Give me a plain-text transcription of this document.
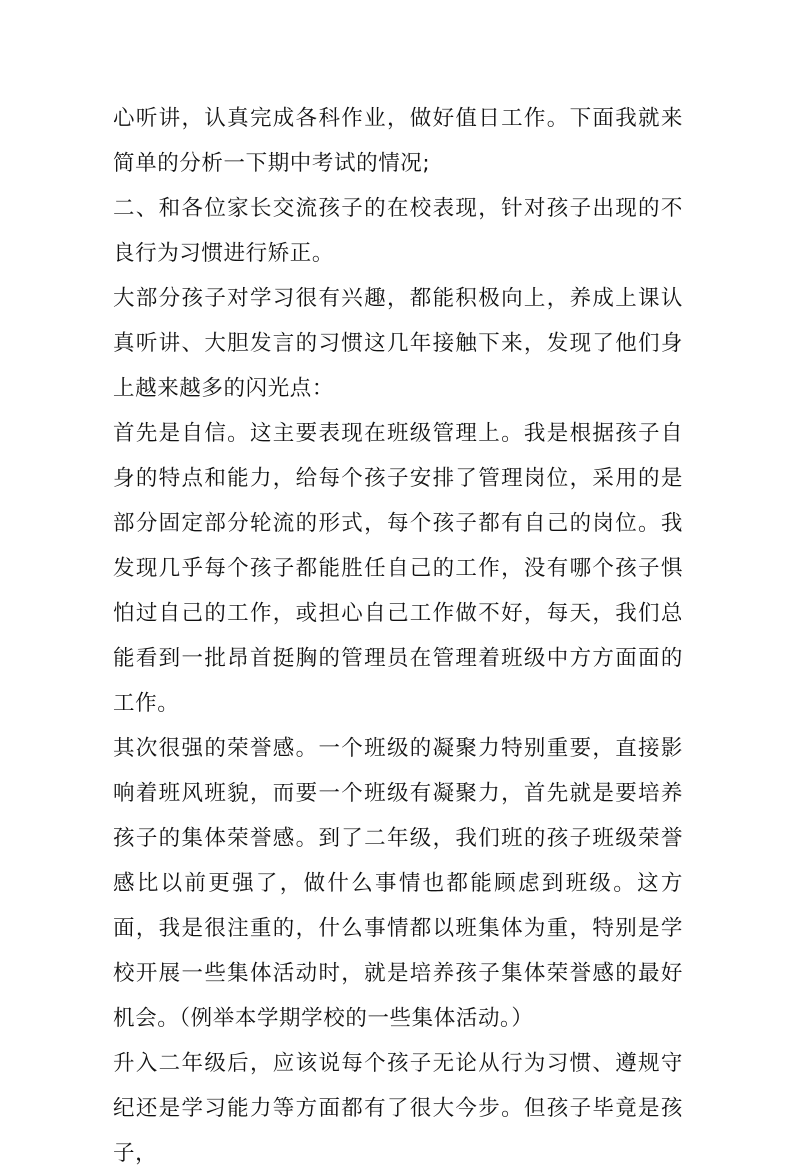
心听讲，认真完成各科作业，做好值日工作。下面我就来简单的分析一下期中考试的情况;

二、和各位家长交流孩子的在校表现，针对孩子出现的不良行为习惯进行矫正。

大部分孩子对学习很有兴趣，都能积极向上，养成上课认真听讲、大胆发言的习惯这几年接触下来，发现了他们身上越来越多的闪光点：

首先是自信。这主要表现在班级管理上。我是根据孩子自身的特点和能力，给每个孩子安排了管理岗位，采用的是部分固定部分轮流的形式，每个孩子都有自己的岗位。我发现几乎每个孩子都能胜任自己的工作，没有哪个孩子惧怕过自己的工作，或担心自己工作做不好，每天，我们总能看到一批昂首挺胸的管理员在管理着班级中方方面面的工作。

其次很强的荣誉感。一个班级的凝聚力特别重要，直接影响着班风班貌，而要一个班级有凝聚力，首先就是要培养孩子的集体荣誉感。到了二年级，我们班的孩子班级荣誉感比以前更强了，做什么事情也都能顾虑到班级。这方面，我是很注重的，什么事情都以班集体为重，特别是学校开展一些集体活动时，就是培养孩子集体荣誉感的最好机会。（例举本学期学校的一些集体活动。）

升入二年级后，应该说每个孩子无论从行为习惯、遵规守纪还是学习能力等方面都有了很大今步。但孩子毕竟是孩子，
